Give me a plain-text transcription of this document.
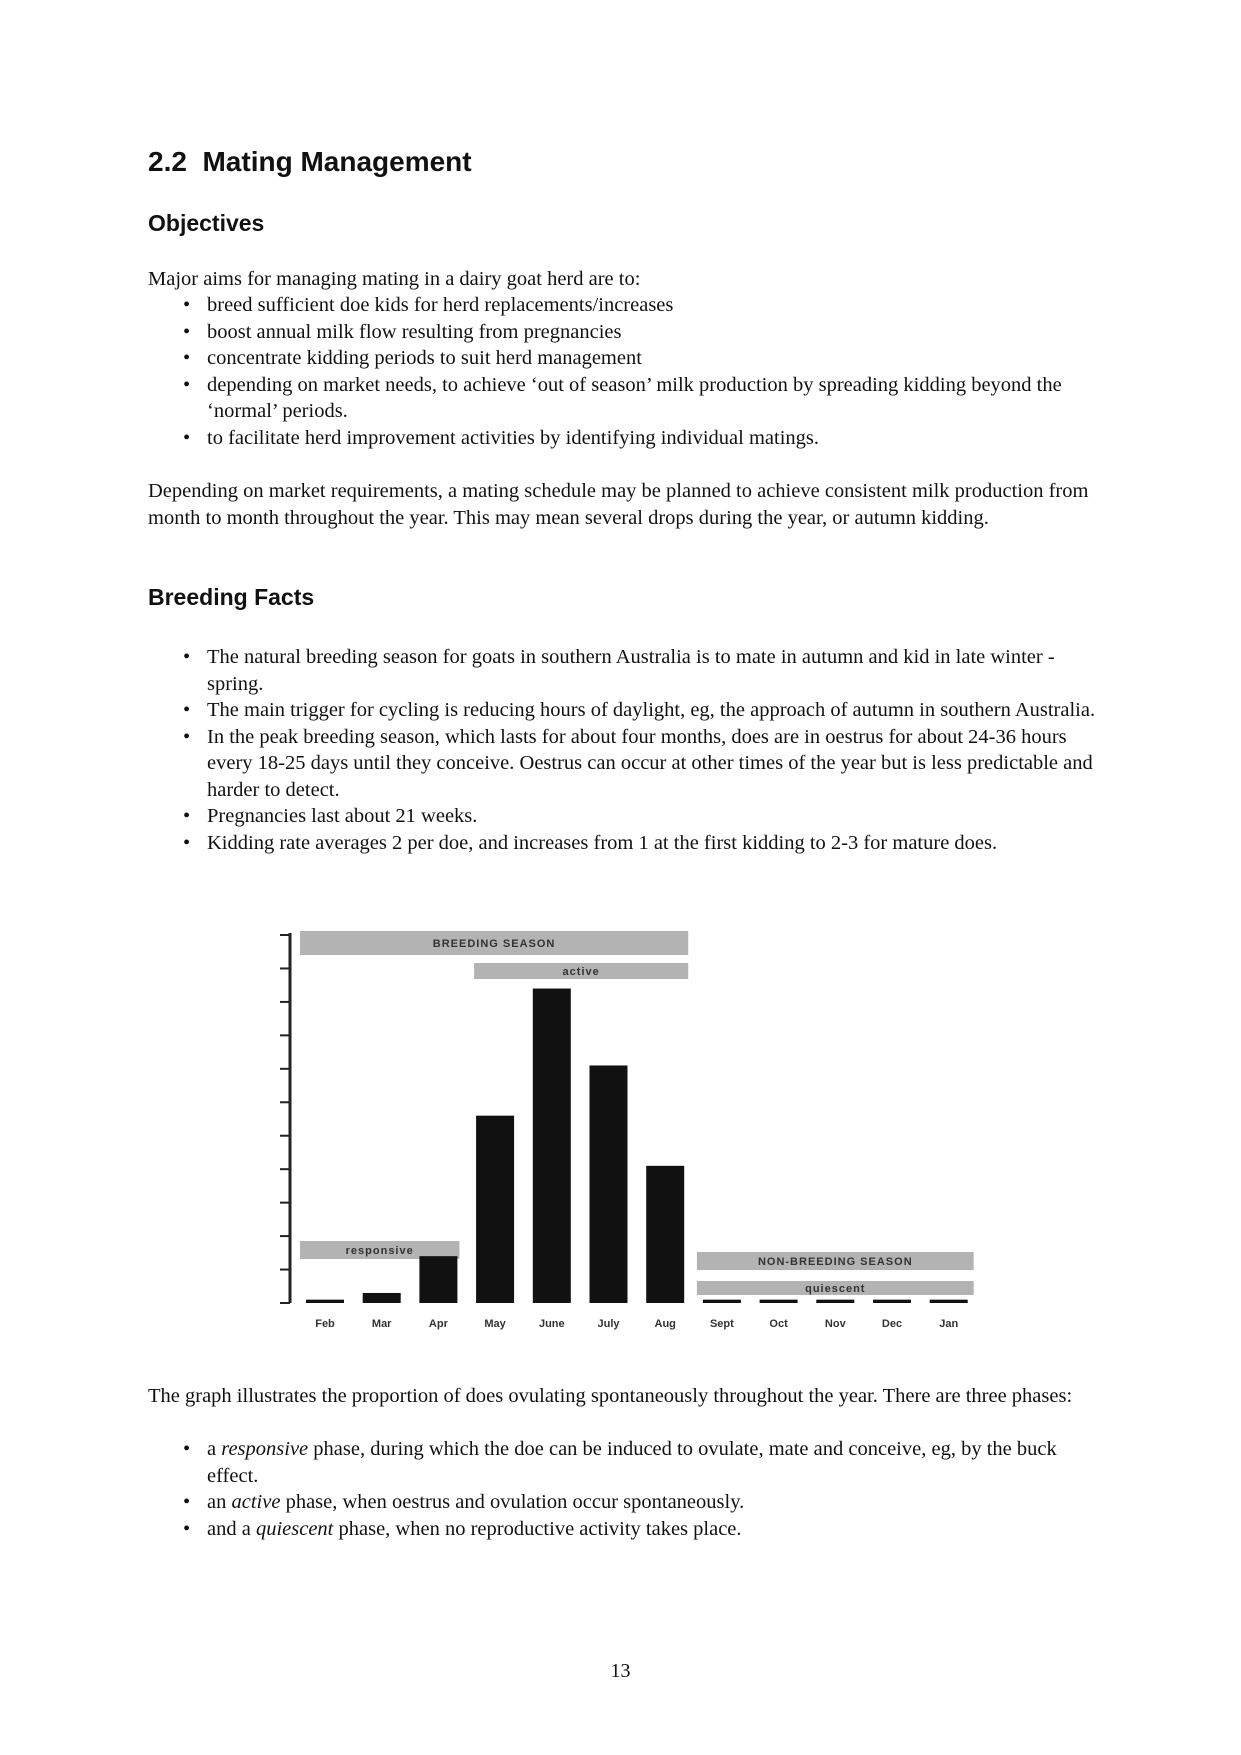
2.2  Mating Management
Objectives

Major aims for managing mating in a dairy goat herd are to:

• breed sufficient doe kids for herd replacements/increases
• boost annual milk flow resulting from pregnancies
• concentrate kidding periods to suit herd management
• depending on market needs, to achieve ‘out of season’ milk production by spreading kidding beyond the ‘normal’ periods.
• to facilitate herd improvement activities by identifying individual matings.

Depending on market requirements, a mating schedule may be planned to achieve consistent milk production from month to month throughout the year. This may mean several drops during the year, or autumn kidding.

Breeding Facts
• The natural breeding season for goats in southern Australia is to mate in autumn and kid in late winter - spring.
• The main trigger for cycling is reducing hours of daylight, eg, the approach of autumn in southern Australia.
• In the peak breeding season, which lasts for about four months, does are in oestrus for about 24-36 hours every 18-25 days until they conceive. Oestrus can occur at other times of the year but is less predictable and harder to detect.
• Pregnancies last about 21 weeks.
• Kidding rate averages 2 per doe, and increases from 1 at the first kidding to 2-3 for mature does.
BREEDING SEASON
active
responsive
NON-BREEDING SEASON
quiescent
Feb	Mar	Apr	May	June	July	Aug	Sept	Oct	Nov	Dec	Jan

The graph illustrates the proportion of does ovulating spontaneously throughout the year. There are three phases:

• a responsive phase, during which the doe can be induced to ovulate, mate and conceive, eg, by the buck effect.
• an active phase, when oestrus and ovulation occur spontaneously.
• and a quiescent phase, when no reproductive activity takes place.
13
